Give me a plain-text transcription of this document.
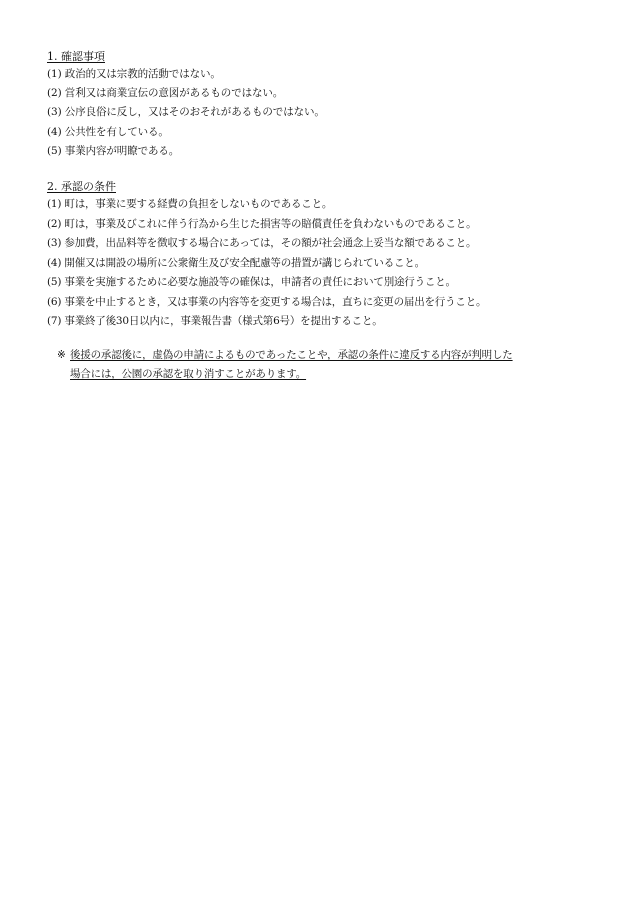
1. 確認事項
(1) 政治的又は宗教的活動ではない。
(2) 営利又は商業宣伝の意図があるものではない。
(3) 公序良俗に反し，又はそのおそれがあるものではない。
(4) 公共性を有している。
(5) 事業内容が明瞭である。
2. 承認の条件
(1) 町は，事業に要する経費の負担をしないものであること。
(2) 町は，事業及びこれに伴う行為から生じた損害等の賠償責任を負わないものであること。
(3) 参加費，出品料等を徴収する場合にあっては，その額が社会通念上妥当な額であること。
(4) 開催又は開設の場所に公衆衛生及び安全配慮等の措置が講じられていること。
(5) 事業を実施するために必要な施設等の確保は，申請者の責任において別途行うこと。
(6) 事業を中止するとき，又は事業の内容等を変更する場合は，直ちに変更の届出を行うこと。
(7) 事業終了後30日以内に，事業報告書（様式第6号）を提出すること。
※ 後援の承認後に，虚偽の申請によるものであったことや，承認の条件に違反する内容が判明した
場合には，公園の承認を取り消すことがあります。
